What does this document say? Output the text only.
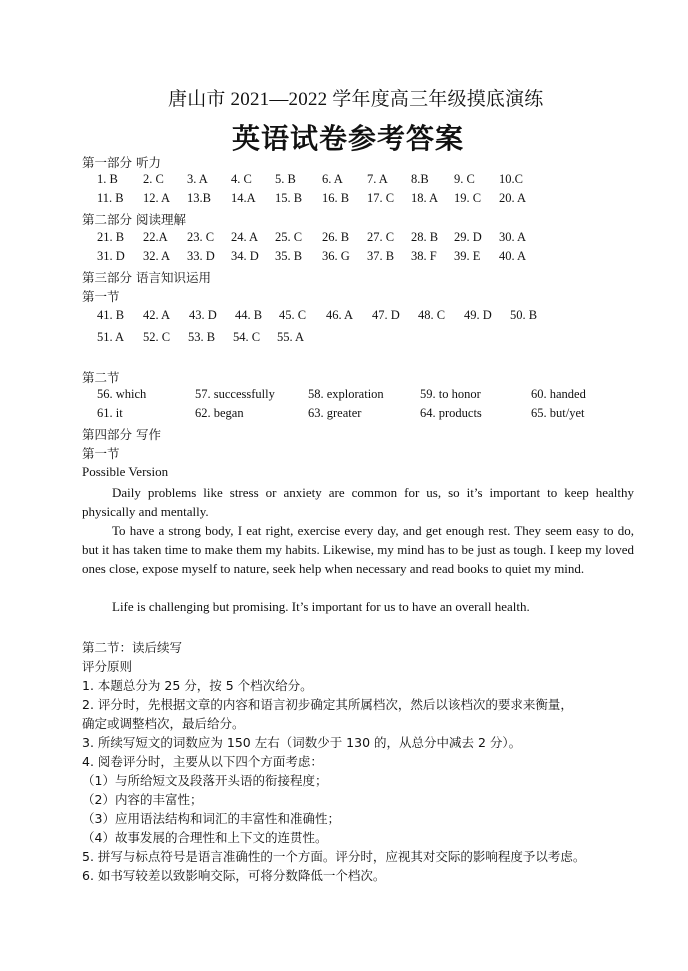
唐山市 2021—2022 学年度高三年级摸底演练
英语试卷参考答案
第一部分 听力
1. B 2. C 3. A 4. C 5. B 6. A 7. A 8.B 9. C 10.C
11. B 12. A 13.B 14.A 15. B 16. B 17. C 18. A 19. C 20. A
第二部分 阅读理解
21. B 22.A 23. C 24. A 25. C 26. B 27. C 28. B 29. D 30. A
31. D 32. A 33. D 34. D 35. B 36. G 37. B 38. F 39. E 40. A
第三部分 语言知识运用
第一节
41. B 42. A 43. D 44. B 45. C 46. A 47. D 48. C 49. D 50. B
51. A 52. C 53. B 54. C 55. A
第二节
56. which	57. successfully	58. exploration	59. to honor	60. handed
61. it	62. began	63. greater	64. products	65. but/yet
第四部分 写作
第一节
Possible Version
Daily problems like stress or anxiety are common for us, so it’s important to keep healthy physically and mentally.
To have a strong body, I eat right, exercise every day, and get enough rest. They seem easy to do, but it has taken time to make them my habits. Likewise, my mind has to be just as tough. I keep my loved ones close, expose myself to nature, seek help when necessary and read books to quiet my mind.
Life is challenging but promising. It’s important for us to have an overall health.
第二节：读后续写
评分原则
1. 本题总分为 25 分，按 5 个档次给分。
2. 评分时，先根据文章的内容和语言初步确定其所属档次，然后以该档次的要求来衡量，
确定或调整档次，最后给分。
3. 所续写短文的词数应为 150 左右（词数少于 130 的，从总分中减去 2 分）。
4. 阅卷评分时，主要从以下四个方面考虑：
（1）与所给短文及段落开头语的衔接程度；
（2）内容的丰富性；
（3）应用语法结构和词汇的丰富性和准确性；
（4）故事发展的合理性和上下文的连贯性。
5. 拼写与标点符号是语言准确性的一个方面。评分时，应视其对交际的影响程度予以考虑。
6. 如书写较差以致影响交际，可将分数降低一个档次。
